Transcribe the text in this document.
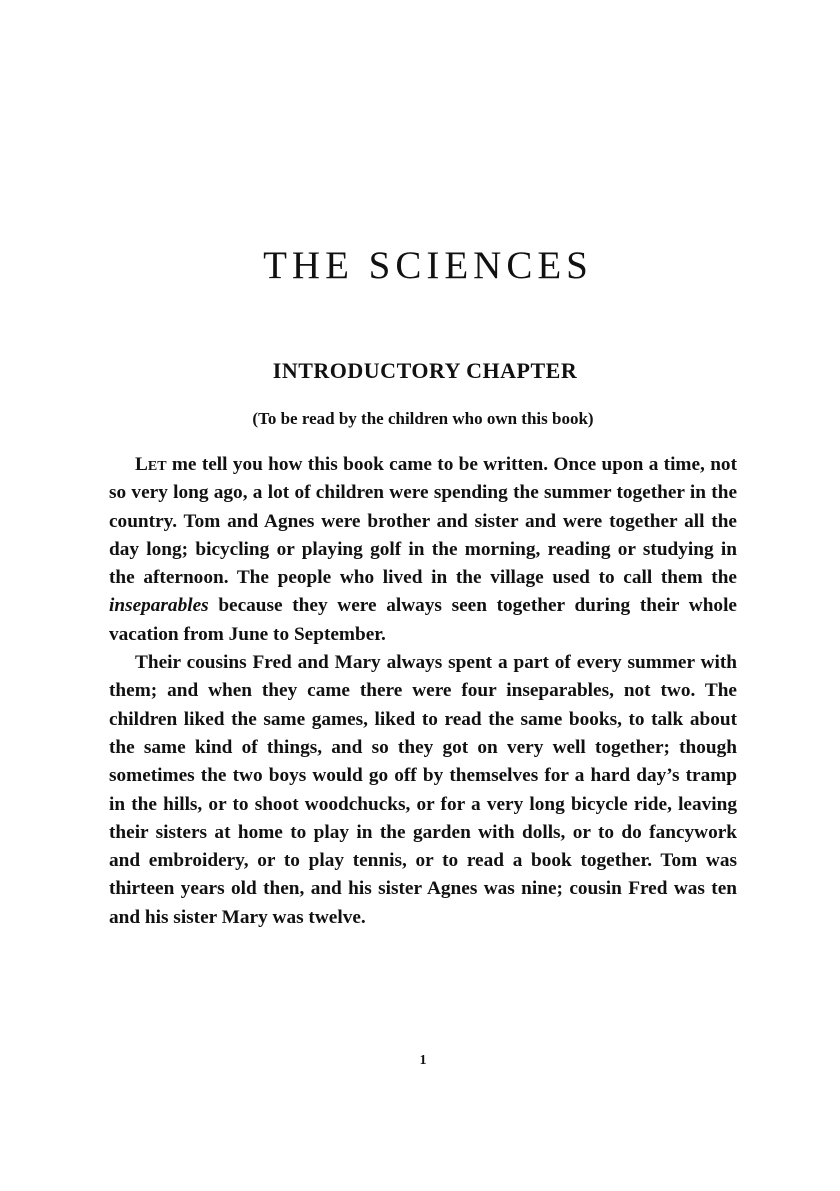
THE SCIENCES
INTRODUCTORY CHAPTER
(To be read by the children who own this book)

Let me tell you how this book came to be written. Once upon a time, not so very long ago, a lot of children were spending the summer together in the country. Tom and Agnes were brother and sister and were together all the day long; bicycling or playing golf in the morning, reading or studying in the afternoon. The people who lived in the village used to call them the inseparables because they were always seen together during their whole vacation from June to September.

Their cousins Fred and Mary always spent a part of every summer with them; and when they came there were four inseparables, not two. The children liked the same games, liked to read the same books, to talk about the same kind of things, and so they got on very well together; though sometimes the two boys would go off by themselves for a hard day’s tramp in the hills, or to shoot woodchucks, or for a very long bicycle ride, leaving their sisters at home to play in the garden with dolls, or to do fancywork and embroidery, or to play tennis, or to read a book together. Tom was thirteen years old then, and his sister Agnes was nine; cousin Fred was ten and his sister Mary was twelve.

1
